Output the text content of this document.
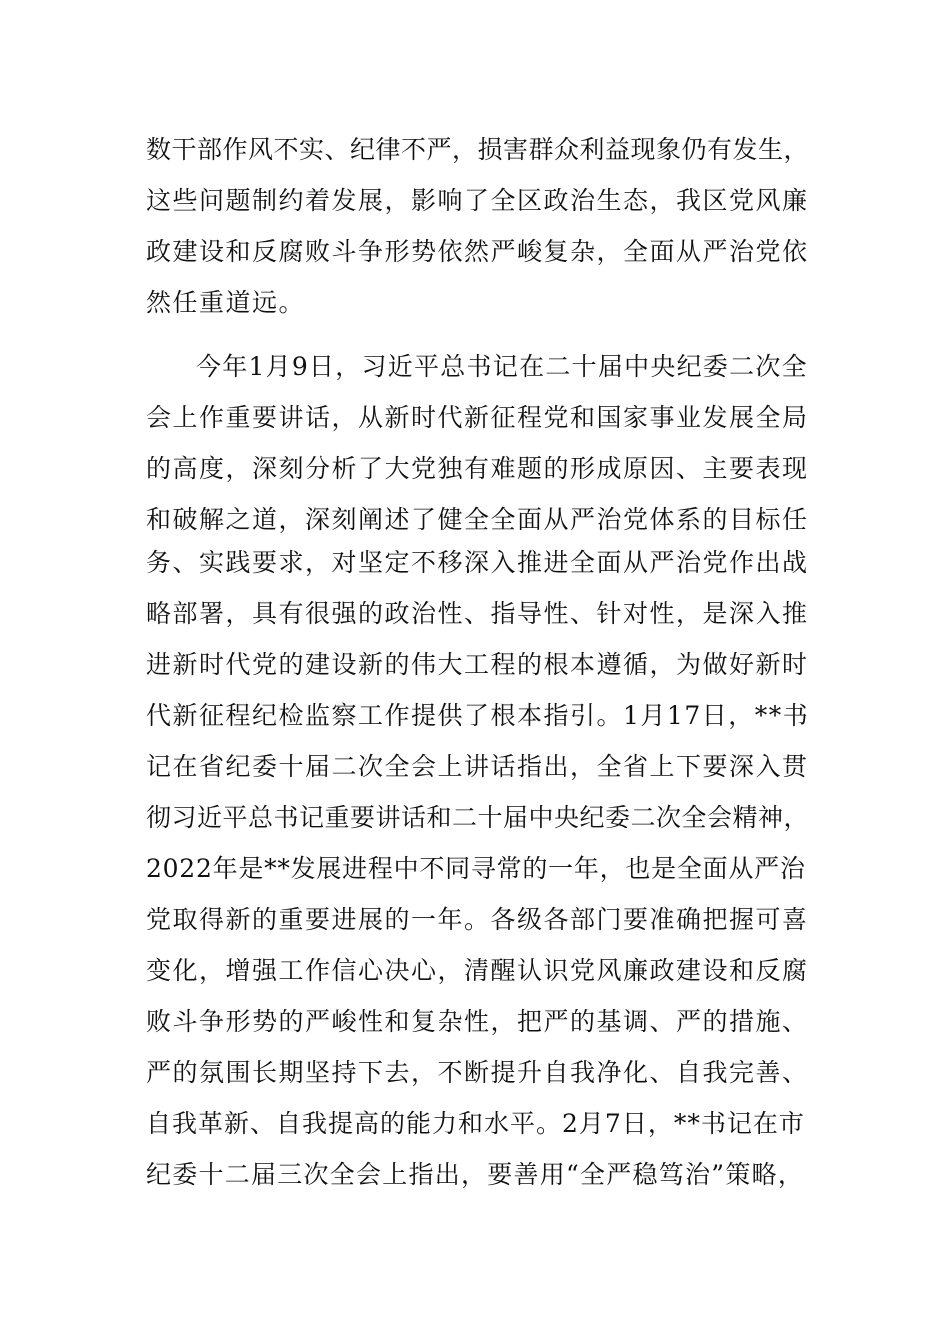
数干部作风不实、纪律不严，损害群众利益现象仍有发生，
这些问题制约着发展，影响了全区政治生态，我区党风廉
政建设和反腐败斗争形势依然严峻复杂，全面从严治党依
然任重道远。
今年1月9日，习近平总书记在二十届中央纪委二次全
会上作重要讲话，从新时代新征程党和国家事业发展全局
的高度，深刻分析了大党独有难题的形成原因、主要表现
和破解之道，深刻阐述了健全全面从严治党体系的目标任
务、实践要求，对坚定不移深入推进全面从严治党作出战
略部署，具有很强的政治性、指导性、针对性，是深入推
进新时代党的建设新的伟大工程的根本遵循，为做好新时
代新征程纪检监察工作提供了根本指引。1月17日，**书
记在省纪委十届二次全会上讲话指出，全省上下要深入贯
彻习近平总书记重要讲话和二十届中央纪委二次全会精神，
2022年是**发展进程中不同寻常的一年，也是全面从严治
党取得新的重要进展的一年。各级各部门要准确把握可喜
变化，增强工作信心决心，清醒认识党风廉政建设和反腐
败斗争形势的严峻性和复杂性，把严的基调、严的措施、
严的氛围长期坚持下去，不断提升自我净化、自我完善、
自我革新、自我提高的能力和水平。2月7日，**书记在市
纪委十二届三次全会上指出，要善用“全严稳笃治”策略，
